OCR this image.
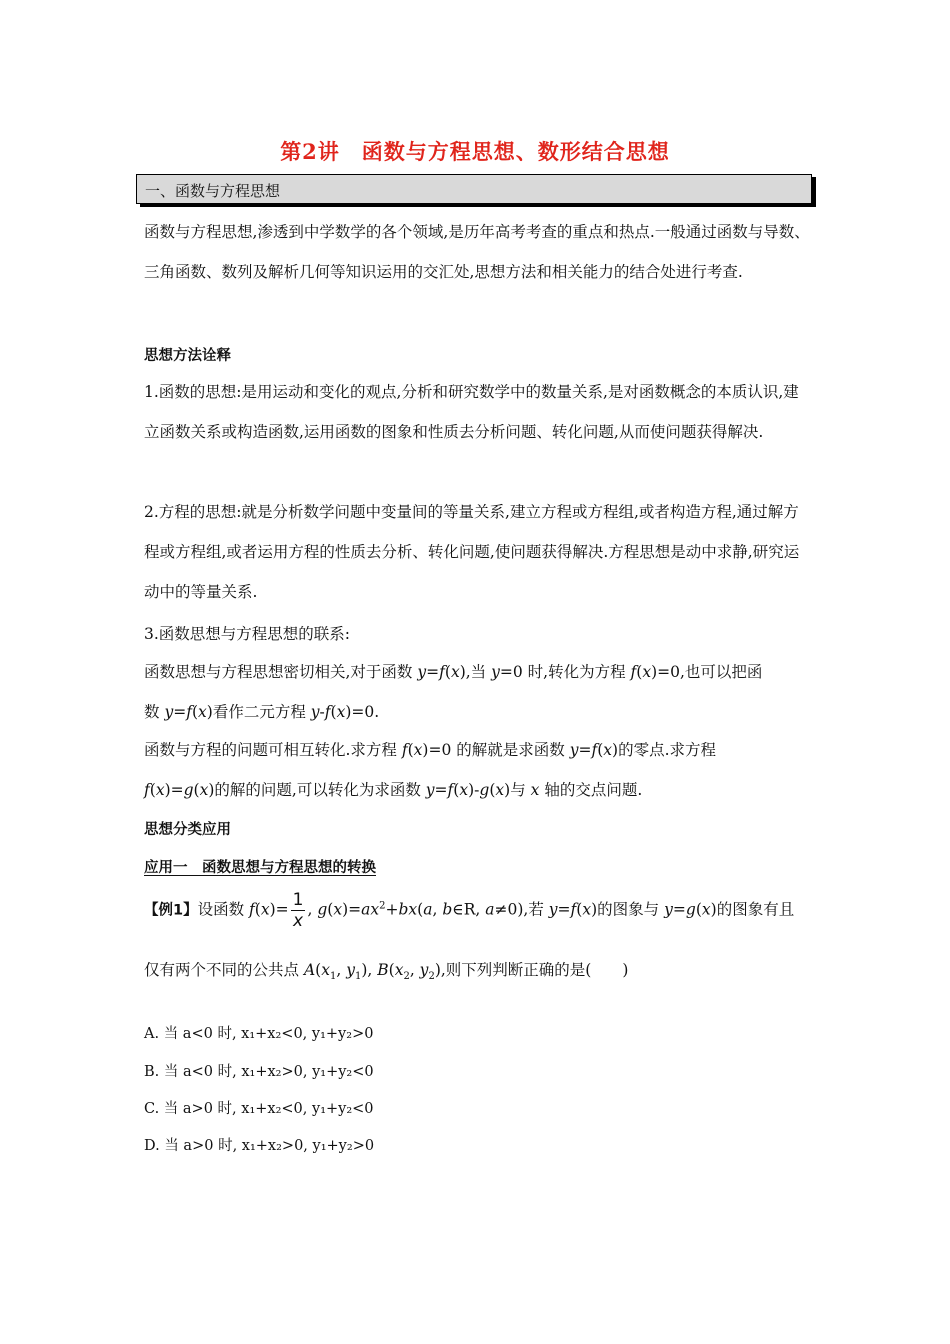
第2讲　函数与方程思想、数形结合思想
一、函数与方程思想

函数与方程思想,渗透到中学数学的各个领域,是历年高考考查的重点和热点.一般通过函数与导数、三角函数、数列及解析几何等知识运用的交汇处,思想方法和相关能力的结合处进行考查.

思想方法诠释

1.函数的思想:是用运动和变化的观点,分析和研究数学中的数量关系,是对函数概念的本质认识,建立函数关系或构造函数,运用函数的图象和性质去分析问题、转化问题,从而使问题获得解决.

2.方程的思想:就是分析数学问题中变量间的等量关系,建立方程或方程组,或者构造方程,通过解方程或方程组,或者运用方程的性质去分析、转化问题,使问题获得解决.方程思想是动中求静,研究运动中的等量关系.

3.函数思想与方程思想的联系:
函数思想与方程思想密切相关,对于函数 y=f(x),当 y=0 时,转化为方程 f(x)=0,也可以把函
数 y=f(x)看作二元方程 y-f(x)=0.
函数与方程的问题可相互转化.求方程 f(x)=0 的解就是求函数 y=f(x)的零点.求方程
f(x)=g(x)的解的问题,可以转化为求函数 y=f(x)-g(x)与 x 轴的交点问题.
思想分类应用
应用一　函数思想与方程思想的转换
【例1】设函数 $f(x)= \frac{1}{x}$ , $g(x)=ax^2+bx(a$, b∈R, a≠0),若 y=f(x)的图象与 y=g(x)的图象有且
仅有两个不同的公共点 $A(x_1$, $y_1$), $B(x_2$, $y_2$),则下列判断正确的是(　　)
A. 当 a<0 时, x₁+x₂<0, y₁+y₂>0
B. 当 a<0 时, x₁+x₂>0, y₁+y₂<0
C. 当 a>0 时, x₁+x₂<0, y₁+y₂<0
D. 当 a>0 时, x₁+x₂>0, y₁+y₂>0
